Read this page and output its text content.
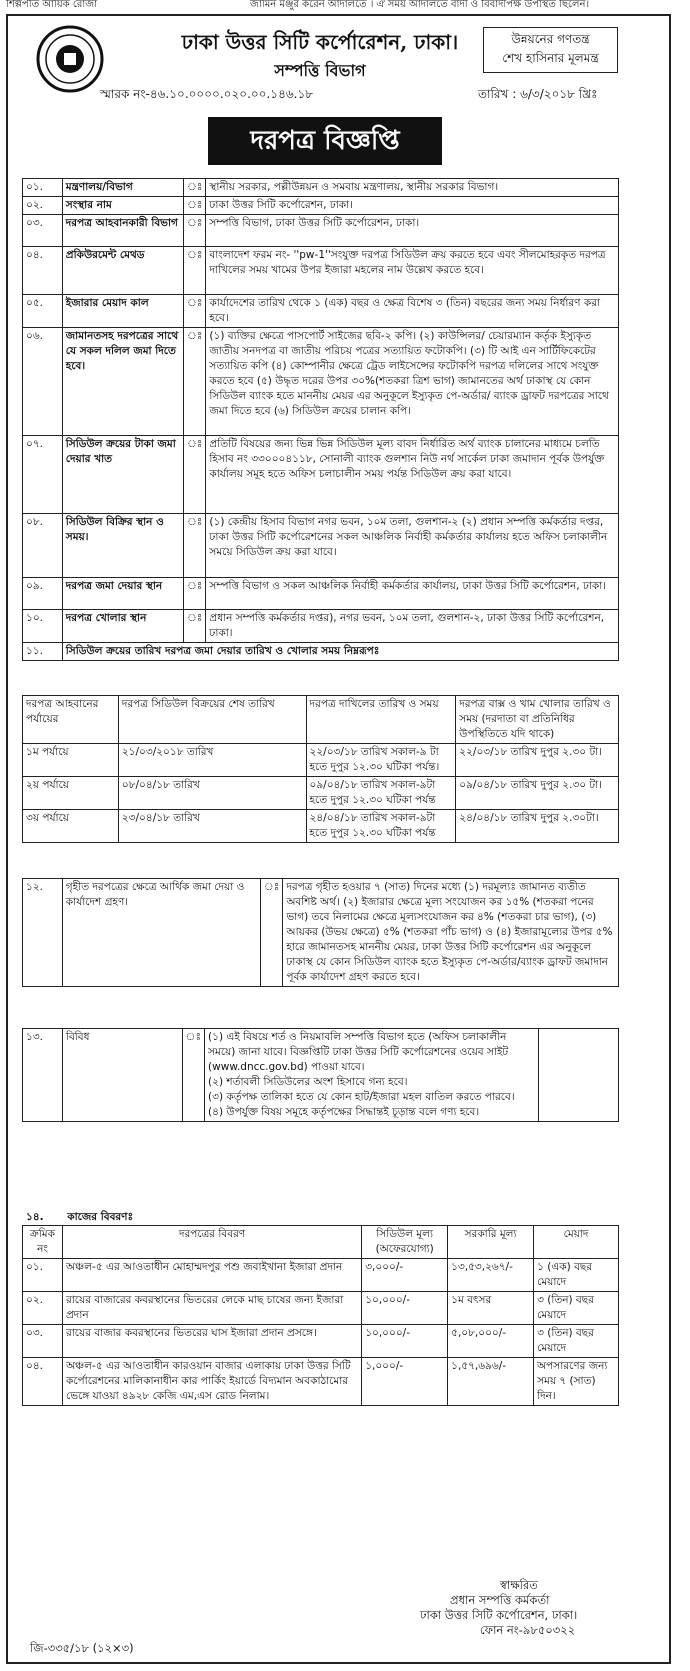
শিল্পপতি আয়িক রোজা	জামিন মঞ্জুর করেন আদালতে । ঐ সময় আদালতে বাদী ও বিবাদীপক্ষ উপস্থিত ছিলেন।
ঢাকা উত্তর সিটি কর্পোরেশন, ঢাকা।
সম্পত্তি বিভাগ
উন্নয়নের গণতন্ত্র
শেখ হাসিনার মূলমন্ত্র
স্মারক নং-৪৬.১০.০০০০.০২০.০০.১৪৬.১৮	তারিখ : ৬/৩/২০১৮ খ্রিঃ
দরপত্র বিজ্ঞপ্তি
০১.	মন্ত্রণালয়/বিভাগ	ঃ	স্থানীয় সরকার, পল্লীউন্নয়ন ও সমবায় মন্ত্রণালয়, স্থানীয় সরকার বিভাগ।
০২.	সংস্থার নাম	ঃ	ঢাকা উত্তর সিটি কর্পোরেশন, ঢাকা।
০৩.	দরপত্র আহবানকারী বিভাগ	ঃ	সম্পত্তি বিভাগ, ঢাকা উত্তর সিটি কর্পোরেশন, ঢাকা।
০৪.	প্রকিউরমেন্ট মেথড	ঃ	বাংলাদেশ ফরম নং- ''pw-1''সংযুক্ত দরপত্র সিডিউল ক্রয় করতে হবে এবং সীলমোহরকৃত দরপত্র দাখিলের সময় খামের উপর ইজারা মহলের নাম উল্লেখ করতে হবে।
০৫.	ইজারার মেয়াদ কাল	ঃ	কার্যাদেশের তারিখ থেকে ১ (এক) বছর ও ক্ষেত্র বিশেষ ৩ (তিন) বছরের জন্য সময় নির্ধারণ করা হবে।
০৬.	জামানতসহ দরপত্রের সাথে যে সকল দলিল জমা দিতে হবে।	ঃ	(১) ব্যক্তির ক্ষেত্রে পাসপোর্ট সাইজের ছবি-২ কপি। (২) কাউন্সিলর/ চেয়ারম্যান কর্তৃক ইস্যুকৃত জাতীয় সনদপত্র বা জাতীয় পরিচয় পত্রের সত্যায়িত ফটোকপি। (৩) টি আই এন সার্টিফিকেটের সত্যায়িত কপি (৪) কোম্পানীর ক্ষেত্রে ট্রেড লাইসেন্সের ফটোকপি দরপত্র দলিলের সাথে সংযুক্ত করতে হবে (৫) উদ্ধৃত দরের উপর ৩০%(শতকরা ত্রিশ ভাগ) জামানতের অর্থ ঢাকাস্থ যে কোন সিডিউল ব্যাংক হতে মাননীয় মেয়র এর অনুকূলে ইস্যুকৃত পে-অর্ডার/ ব্যাংক ড্রাফট দরপত্রের সাথে জমা দিতে হবে (৬) সিডিউল ক্রয়ের চালান কপি।
০৭.	সিডিউল ক্রয়ের টাকা জমা দেয়ার খাত	ঃ	প্রতিটি বিষয়ের জন্য ভিন্ন ভিন্ন সিডিউল মূল্য বাবদ নির্ধারিত অর্থ ব্যাংক চালানের মাধ্যমে চলতি হিসাব নং ৩৩০০০৪১১৮, সোনালী ব্যাংক গুলশান নিউ নর্থ সার্কেল ঢাকা জমাদান পূর্বক উপর্যুক্ত কার্যালয় সমূহ হতে অফিস চলাচালীন সময় পর্যন্ত সিডিউল ক্রয় করা যাবে।
০৮.	সিডিউল বিক্রির স্থান ও সময়।	ঃ	(১) কেন্দ্রীয় হিসাব বিভাগ নগর ভবন, ১০ম তলা, গুলশান-২ (২) প্রধান সম্পত্তি কর্মকর্তার দপ্তর, ঢাকা উত্তর সিটি কর্পোরেশনের সকল আঞ্চলিক নির্বাহী কর্মকর্তার কার্যালয় হতে অফিস চলাকালীন সময়ে সিডিউল ক্রয় করা যাবে।
০৯.	দরপত্র জমা দেয়ার স্থান	ঃ	সম্পত্তি বিভাগ ও সকল আঞ্চলিক নির্বাহী কর্মকর্তার কার্যালয়, ঢাকা উত্তর সিটি কর্পোরেশন, ঢাকা।
১০.	দরপত্র খোলার স্থান	ঃ	প্রধান সম্পত্তি কর্মকর্তার দপ্তর), নগর ভবন, ১০ম তলা, গুলশান-২, ঢাকা উত্তর সিটি কর্পোরেশন, ঢাকা।
১১.	সিডিউল ক্রয়ের তারিখ দরপত্র জমা দেয়ার তারিখ ও খোলার সময় নিম্নরূপঃ		
দরপত্র আহবানের পর্যায়ের	দরপত্র সিডিউল বিক্রয়ের শেষ তারিখ	দরপত্র দাখিলের তারিখ ও সময়	দরপত্র বাক্স ও খাম খোলার তারিখ ও সময় (দরদাতা বা প্রতিনিধির উপস্থিতিতে যদি থাকে)
১ম পর্যায়ে	২১/০৩/২০১৮ তারিখ	২২/০৩/১৮ তারিখ সকাল-৯ টা হতে দুপুর ১২.৩০ ঘটিকা পর্যন্ত।	২২/০৩/১৮ তারিখ দুপুর ২.৩০ টা।
২য় পর্যায়ে	০৮/০৪/১৮ তারিখ	০৯/০৪/১৮ তারিখ সকাল-৯টা হতে দুপুর ১২.৩০ ঘটিকা পর্যন্ত	০৯/০৪/১৮ তারিখ দুপুর ২.৩০ টা।
৩য় পর্যায়ে	২৩/০৪/১৮ তারিখ	২৪/০৪/১৮ তারিখ সকাল-৯টা হতে দুপুর ১২.৩০ ঘটিকা পর্যন্ত	২৪/০৪/১৮ তারিখ দুপুর ২.৩০টা।
১২.	গৃহীত দরপত্রের ক্ষেত্রে আর্থিক জমা দেয়া ও কার্যাদেশ গ্রহণ।	ঃ	দরপত্র গৃহীত হওয়ার ৭ (সাত) দিনের মধ্যে (১) দরমূল্যঃ জামানত ব্যতীত অবশিষ্ট অর্থ। (২) ইজারার ক্ষেত্রে মূল্য সংযোজন কর ১৫% (শতকরা পনের ভাগ) তবে নিলামের ক্ষেত্রে মূল্যসংযোজন কর ৪% (শতকরা চার ভাগ), (৩) আয়কর (উভয় ক্ষেত্রে) ৫% (শতকরা পাঁচ ভাগ) ও (৪) ইজারামূল্যের উপর ৫% হারে জামানতসহ মাননীয় মেয়র, ঢাকা উত্তর সিটি কর্পোরেশন এর অনুকূলে ঢাকাস্থ যে কোন সিডিউল ব্যাংক হতে ইস্যুকৃত পে-অর্ডার/ব্যাংক ড্রাফট জমাদান পূর্বক কার্যাদেশ গ্রহণ করতে হবে।
১৩.	বিবিধ	ঃ	(১) এই বিষয়ে শর্ত ও নিয়মাবলি সম্পত্তি বিভাগ হতে (অফিস চলাকালীন সময়ে) জানা যাবে। বিজ্ঞপ্তিটি ঢাকা উত্তর সিটি কর্পোরেশনের ওয়েব সাইট (www.dncc.gov.bd) পাওয়া যাবে।
(২) শর্তাবলী সিডিউলের অংশ হিসাবে গন্য হবে।
(৩) কর্তৃপক্ষ তালিকা হতে যে কোন হাট/ইজারা মহল বাতিল করতে পারবে।
(৪) উপর্যুক্ত বিষয় সমূহে কর্তৃপক্ষের সিদ্ধান্তই চূড়ান্ত বলে গণ্য হবে।

১৪. কাজের বিবরণঃ
ক্রমিক নং	দরপত্রের বিবরণ	সিডিউল মূল্য (অফেরযোগ্য)	সরকারি মূল্য	মেয়াদ
০১.	অঞ্চল-৫ এর আওতাধীন মোহাম্মদপুর পশু জবাইখানা ইজারা প্রদান	৩,০০০/-	১৩,৫৩,২৬৭/-	১ (এক) বছর মেয়াদে
০২.	রায়ের বাজারের কবরস্থানের ভিতরের লেকে মাছ চাষের জন্য ইজারা প্রদান	১০,০০০/-	১ম বৎসর	৩ (তিন) বছর মেয়াদে
০৩.	রায়ের বাজার কবরস্থানের ভিতরের ঘাস ইজারা প্রদান প্রসঙ্গে।	১০,০০০/-	৫,০৮,০০০/-	৩ (তিন) বছর মেয়াদে
০৪.	অঞ্চল-৫ এর আওতাধীন কারওয়ান বাজার এলাকায় ঢাকা উত্তর সিটি কর্পোরেশনের মালিকানাধীন কার পার্কিং ইয়ার্ডে বিদ্যমান অবকাঠামোর ভেঙ্গে যাওয়া ৪৯২৮ কেজি এম,এস রোড নিলাম।	১,০০০/-	১,৫৭,৬৯৬/-	অপসারণের জন্য সময় ৭ (সাত) দিন।
স্বাক্ষরিত
প্রধান সম্পত্তি কর্মকর্তা
ঢাকা উত্তর সিটি কর্পোরেশন, ঢাকা।
ফোন নং-৯৮৫০৩২২
জি-৩৩৫/১৮ (১২×৩)
